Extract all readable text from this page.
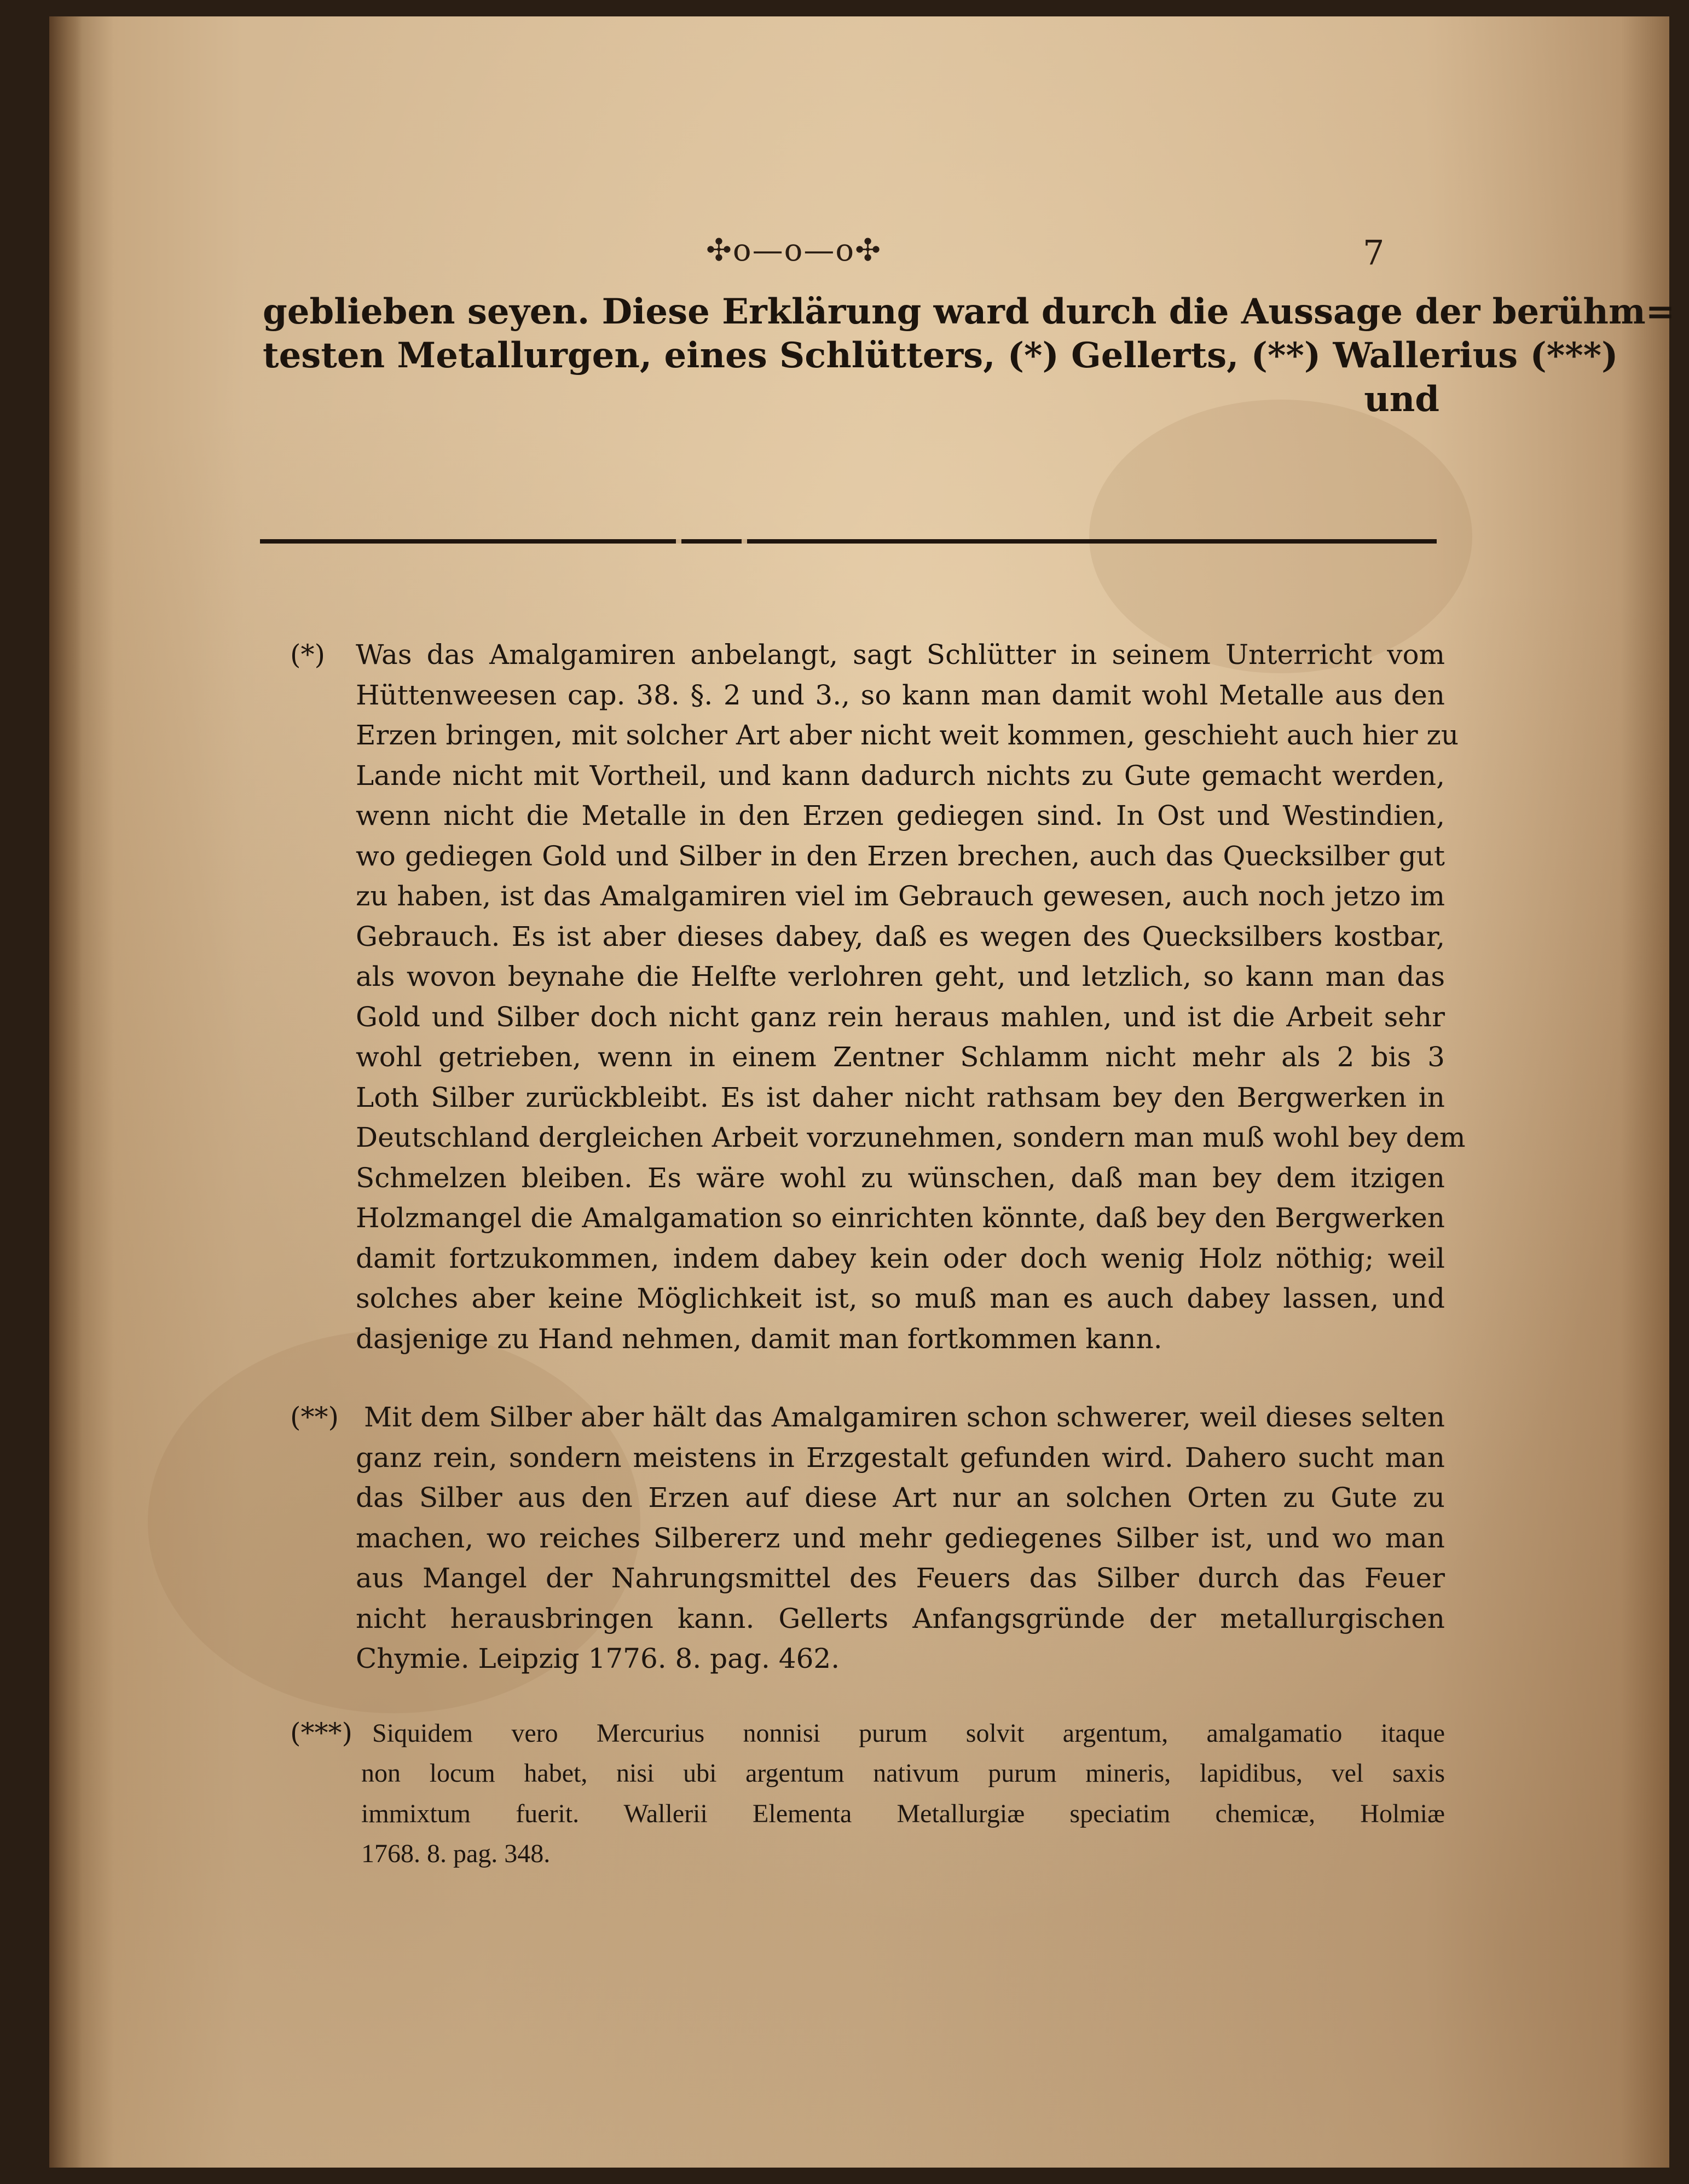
✣o—o—o✣	7
geblieben seyen. Diese Erklärung ward durch die Aussage der berühm=
testen Metallurgen, eines Schlütters, (*) Gellerts, (**) Wallerius (***)
und
(*)	Was das Amalgamiren anbelangt, sagt Schlütter in seinem Unterricht vom
Hüttenweesen cap. 38. §. 2 und 3., so kann man damit wohl Metalle aus den
Erzen bringen, mit solcher Art aber nicht weit kommen, geschieht auch hier zu
Lande nicht mit Vortheil, und kann dadurch nichts zu Gute gemacht werden,
wenn nicht die Metalle in den Erzen gediegen sind. In Ost und Westindien,
wo gediegen Gold und Silber in den Erzen brechen, auch das Quecksilber gut
zu haben, ist das Amalgamiren viel im Gebrauch gewesen, auch noch jetzo im
Gebrauch. Es ist aber dieses dabey, daß es wegen des Quecksilbers kostbar,
als wovon beynahe die Helfte verlohren geht, und letzlich, so kann man das
Gold und Silber doch nicht ganz rein heraus mahlen, und ist die Arbeit sehr
wohl getrieben, wenn in einem Zentner Schlamm nicht mehr als 2 bis 3
Loth Silber zurückbleibt. Es ist daher nicht rathsam bey den Bergwerken in
Deutschland dergleichen Arbeit vorzunehmen, sondern man muß wohl bey dem
Schmelzen bleiben. Es wäre wohl zu wünschen, daß man bey dem itzigen
Holzmangel die Amalgamation so einrichten könnte, daß bey den Bergwerken
damit fortzukommen, indem dabey kein oder doch wenig Holz nöthig; weil
solches aber keine Möglichkeit ist, so muß man es auch dabey lassen, und
dasjenige zu Hand nehmen, damit man fortkommen kann.
(**) Mit dem Silber aber hält das Amalgamiren schon schwerer, weil dieses selten
ganz rein, sondern meistens in Erzgestalt gefunden wird. Dahero sucht man
das Silber aus den Erzen auf diese Art nur an solchen Orten zu Gute zu
machen, wo reiches Silbererz und mehr gediegenes Silber ist, und wo man
aus Mangel der Nahrungsmittel des Feuers das Silber durch das Feuer
nicht herausbringen kann. Gellerts Anfangsgründe der metallurgischen
Chymie. Leipzig 1776. 8. pag. 462.
(***) Siquidem vero Mercurius nonnisi purum solvit argentum, amalgamatio itaque
non locum habet, nisi ubi argentum nativum purum mineris, lapidibus, vel saxis
immixtum fuerit. Wallerii Elementa Metallurgiæ speciatim chemicæ, Holmiæ
1768. 8. pag. 348.
